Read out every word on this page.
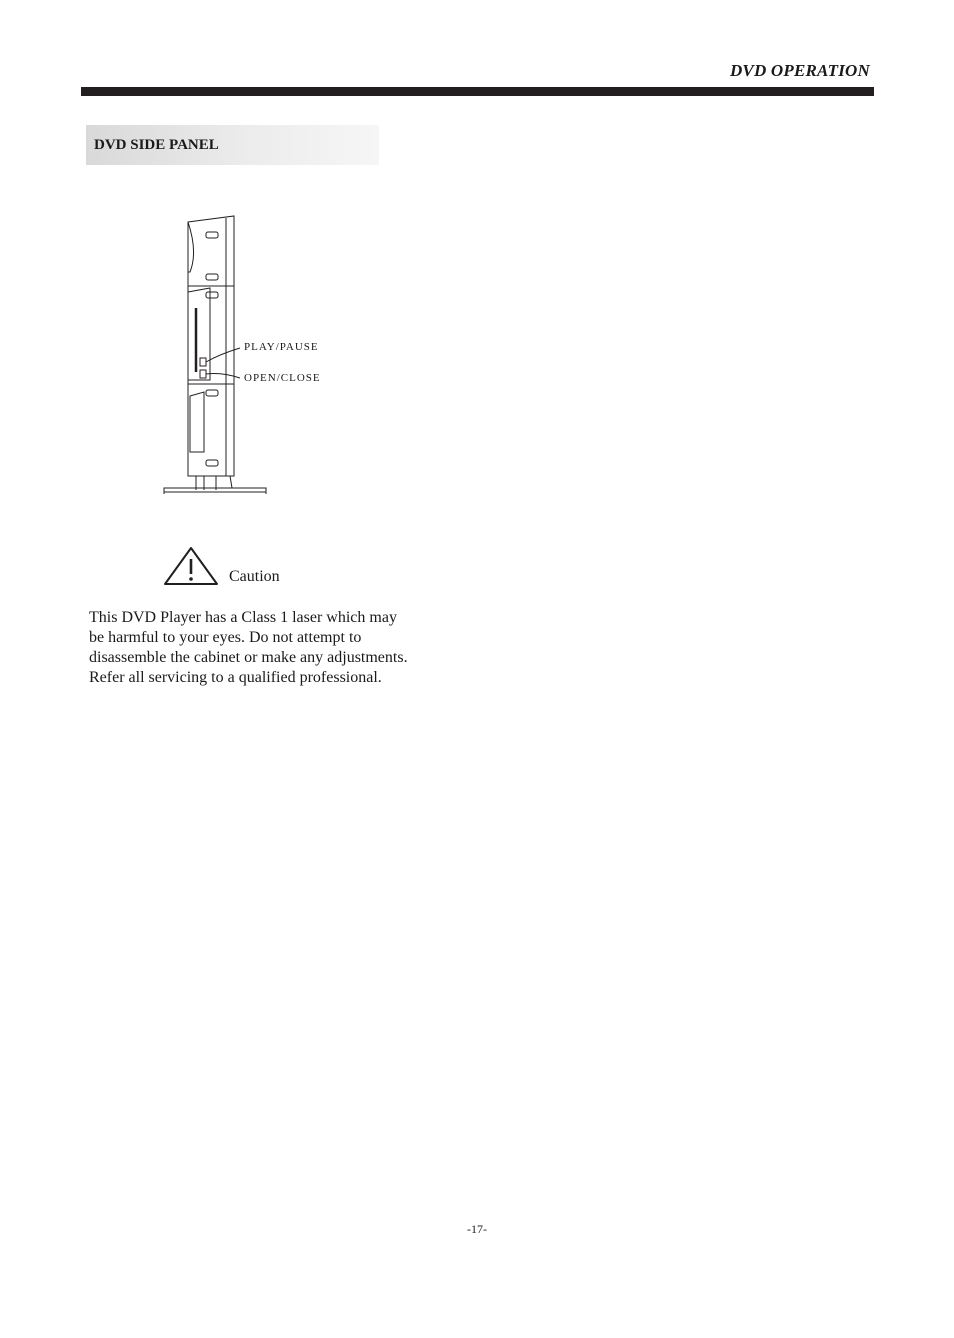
DVD OPERATION
DVD SIDE PANEL
PLAY/PAUSE
OPEN/CLOSE
Caution
This DVD Player has a Class 1 laser which may
be harmful to your eyes. Do not attempt to
disassemble the cabinet or make any adjustments.
Refer all servicing to a qualified professional.
-17-
